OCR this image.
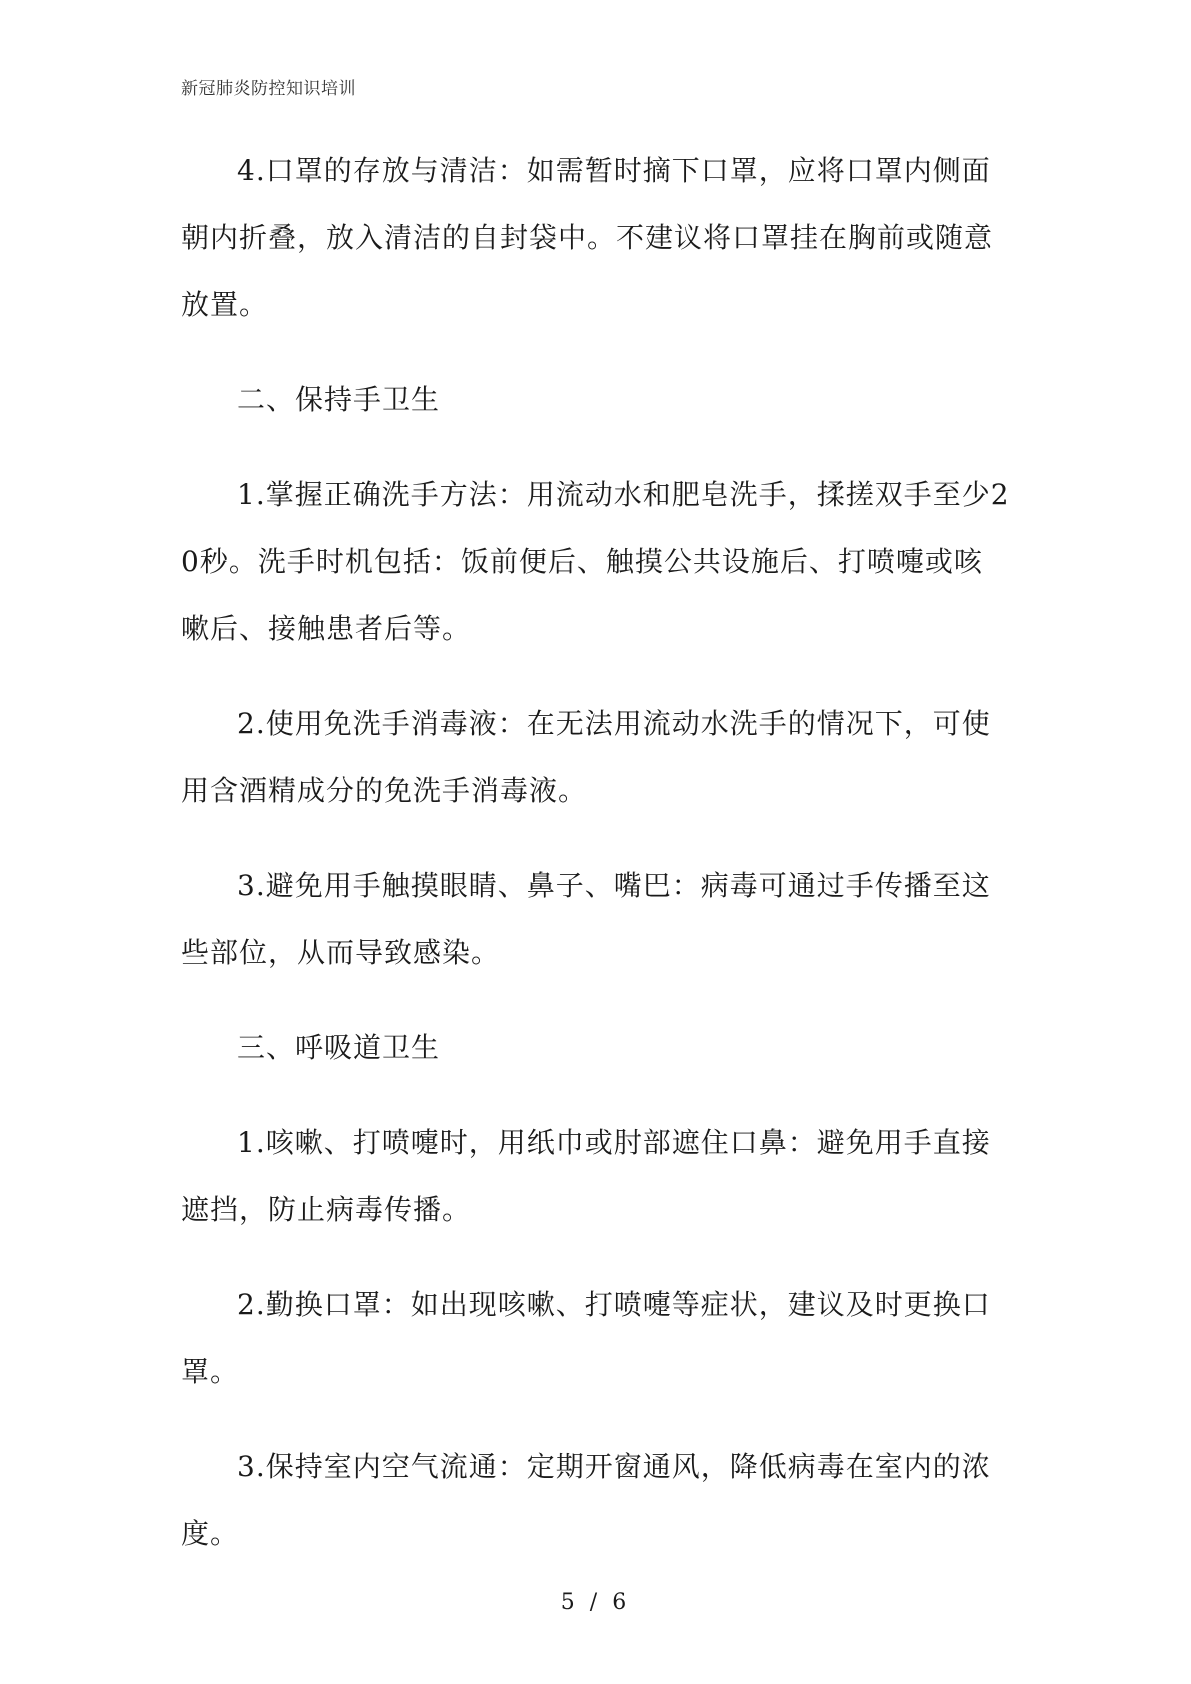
新冠肺炎防控知识培训

4.口罩的存放与清洁：如需暂时摘下口罩，应将口罩内侧面朝内折叠，放入清洁的自封袋中。不建议将口罩挂在胸前或随意放置。

二、保持手卫生

1.掌握正确洗手方法：用流动水和肥皂洗手，揉搓双手至少20秒。洗手时机包括：饭前便后、触摸公共设施后、打喷嚏或咳嗽后、接触患者后等。

2.使用免洗手消毒液：在无法用流动水洗手的情况下，可使用含酒精成分的免洗手消毒液。

3.避免用手触摸眼睛、鼻子、嘴巴：病毒可通过手传播至这些部位，从而导致感染。

三、呼吸道卫生

1.咳嗽、打喷嚏时，用纸巾或肘部遮住口鼻：避免用手直接遮挡，防止病毒传播。

2.勤换口罩：如出现咳嗽、打喷嚏等症状，建议及时更换口罩。

3.保持室内空气流通：定期开窗通风，降低病毒在室内的浓度。

5 / 6
